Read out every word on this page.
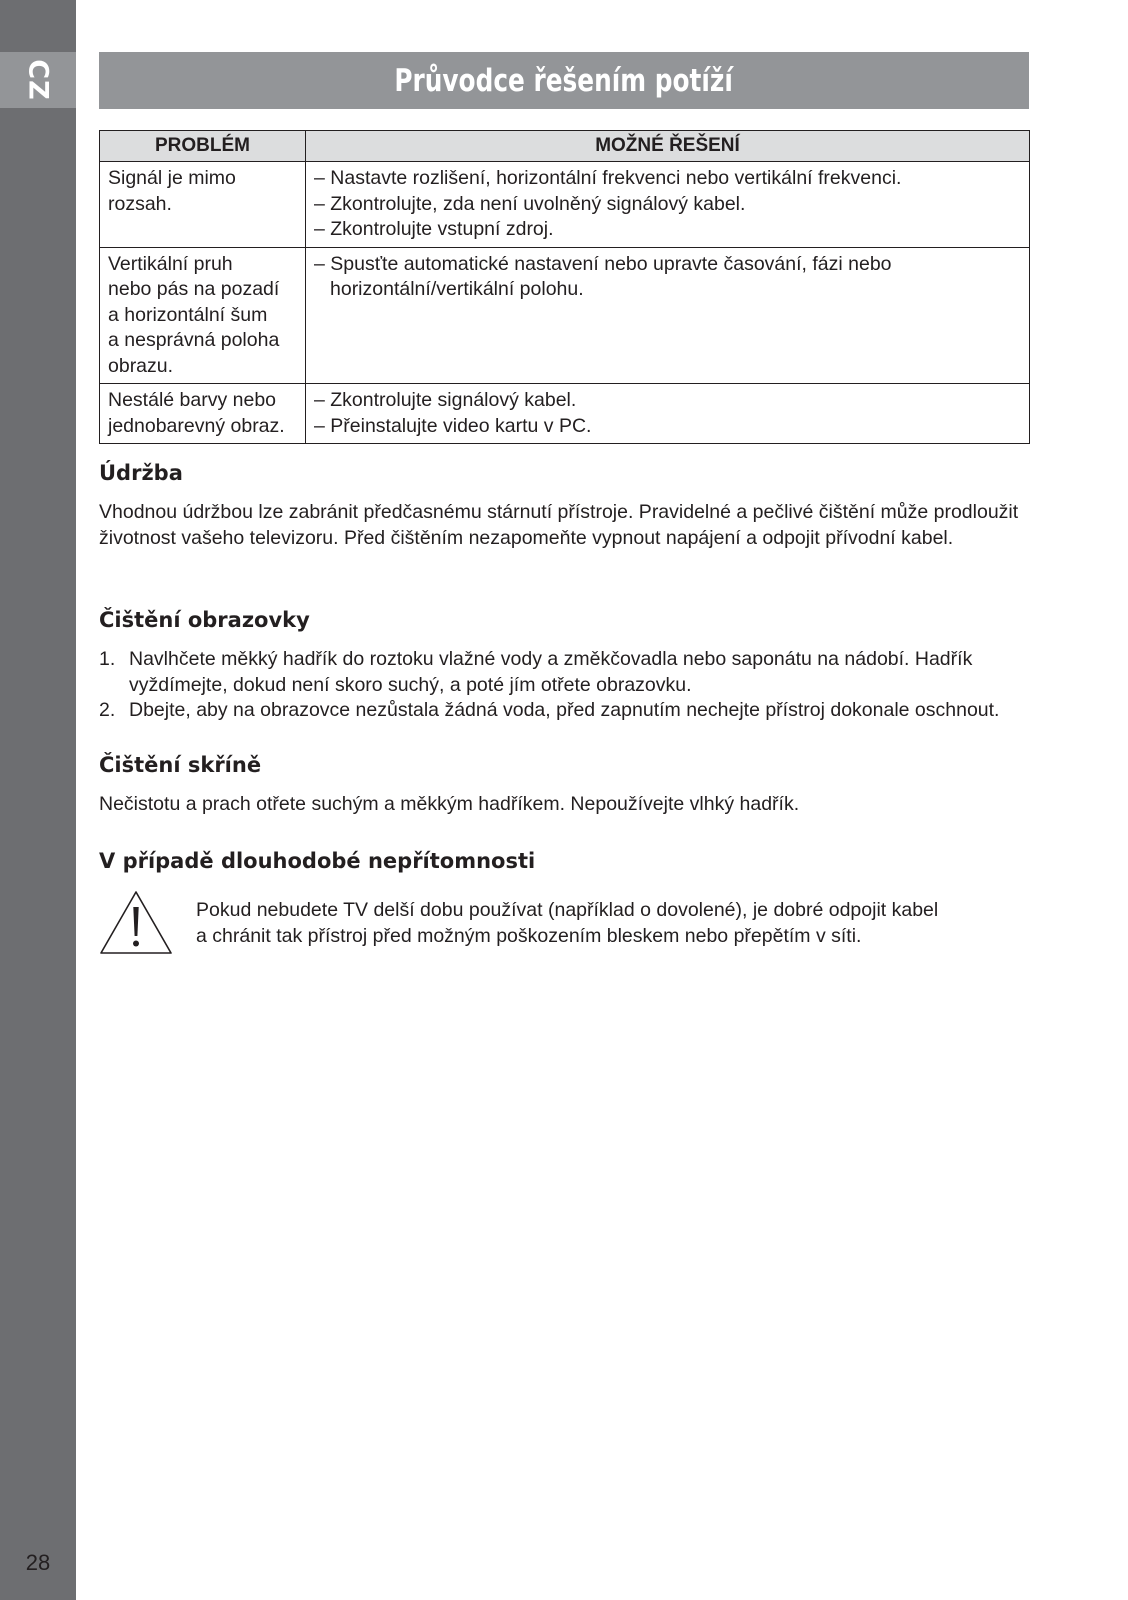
CZ
28
Průvodce řešením potíží
PROBLÉM	MOŽNÉ ŘEŠENÍ

Signál je mimo
rozsah.	– Nastavte rozlišení, horizontální frekvenci nebo vertikální frekvenci.
– Zkontrolujte, zda není uvolněný signálový kabel.
– Zkontrolujte vstupní zdroj.

Vertikální pruh
nebo pás na pozadí
a horizontální šum
a nesprávná poloha
obrazu.	– Spusťte automatické nastavení nebo upravte časování, fázi nebo horizontální/vertikální polohu.

Nestálé barvy nebo
jednobarevný obraz.	– Zkontrolujte signálový kabel.
– Přeinstalujte video kartu v PC.
Údržba

Vhodnou údržbou lze zabránit předčasnému stárnutí přístroje. Pravidelné a pečlivé čištění může prodloužit životnost vašeho televizoru. Před čištěním nezapomeňte vypnout napájení a odpojit přívodní kabel.

Čištění obrazovky
1. Navlhčete měkký hadřík do roztoku vlažné vody a změkčovadla nebo saponátu na nádobí. Hadřík vyždímejte, dokud není skoro suchý, a poté jím otřete obrazovku.
2. Dbejte, aby na obrazovce nezůstala žádná voda, před zapnutím nechejte přístroj dokonale oschnout.
Čištění skříně

Nečistotu a prach otřete suchým a měkkým hadříkem. Nepoužívejte vlhký hadřík.

V případě dlouhodobé nepřítomnosti
Pokud nebudete TV delší dobu používat (například o dovolené), je dobré odpojit kabel
a chránit tak přístroj před možným poškozením bleskem nebo přepětím v síti.
